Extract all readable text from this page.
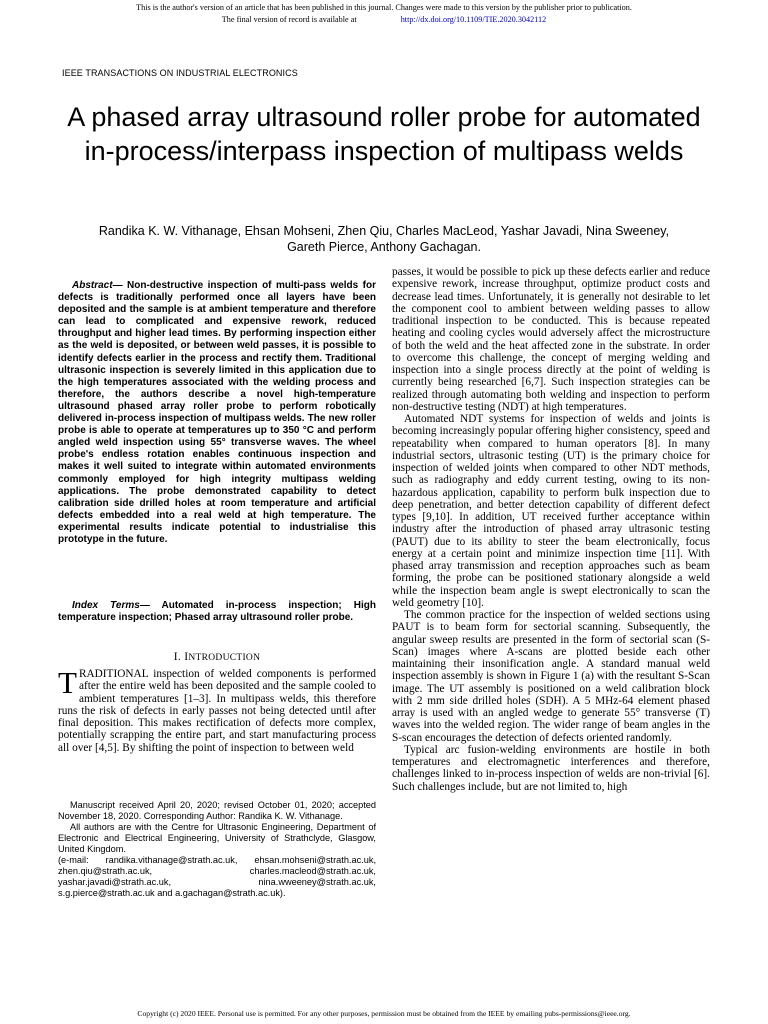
This is the author's version of an article that has been published in this journal. Changes were made to this version by the publisher prior to publication.
The final version of record is available at	http://dx.doi.org/10.1109/TIE.2020.3042112
IEEE TRANSACTIONS ON INDUSTRIAL ELECTRONICS
A phased array ultrasound roller probe for automated in-process/interpass inspection of multipass welds
Randika K. W. Vithanage, Ehsan Mohseni, Zhen Qiu, Charles MacLeod, Yashar Javadi, Nina Sweeney, Gareth Pierce, Anthony Gachagan.

Abstract— Non-destructive inspection of multi-pass welds for defects is traditionally performed once all layers have been deposited and the sample is at ambient temperature and therefore can lead to complicated and expensive rework, reduced throughput and higher lead times. By performing inspection either as the weld is deposited, or between weld passes, it is possible to identify defects earlier in the process and rectify them. Traditional ultrasonic inspection is severely limited in this application due to the high temperatures associated with the welding process and therefore, the authors describe a novel high-temperature ultrasound phased array roller probe to perform robotically delivered in-process inspection of multipass welds. The new roller probe is able to operate at temperatures up to 350 °C and perform angled weld inspection using 55° transverse waves. The wheel probe's endless rotation enables continuous inspection and makes it well suited to integrate within automated environments commonly employed for high integrity multipass welding applications. The probe demonstrated capability to detect calibration side drilled holes at room temperature and artificial defects embedded into a real weld at high temperature. The experimental results indicate potential to industrialise this prototype in the future.

Index Terms— Automated in-process inspection; High temperature inspection; Phased array ultrasound roller probe.

I. INTRODUCTION
TRADITIONAL inspection of welded components is performed after the entire weld has been deposited and the sample cooled to ambient temperatures [1–3]. In multipass welds, this therefore runs the risk of defects in early passes not being detected until after final deposition. This makes rectification of defects more complex, potentially scrapping the entire part, and start manufacturing process all over [4,5]. By shifting the point of inspection to between weld

Manuscript received April 20, 2020; revised October 01, 2020; accepted November 18, 2020. Corresponding Author: Randika K. W. Vithanage.

All authors are with the Centre for Ultrasonic Engineering, Department of Electronic and Electrical Engineering, University of Strathclyde, Glasgow, United Kingdom.

(e-mail: randika.vithanage@strath.ac.uk, ehsan.mohseni@strath.ac.uk, zhen.qiu@strath.ac.uk, charles.macleod@strath.ac.uk, yashar.javadi@strath.ac.uk, nina.wweeney@strath.ac.uk, s.g.pierce@strath.ac.uk and a.gachagan@strath.ac.uk).

passes, it would be possible to pick up these defects earlier and reduce expensive rework, increase throughput, optimize product costs and decrease lead times. Unfortunately, it is generally not desirable to let the component cool to ambient between welding passes to allow traditional inspection to be conducted. This is because repeated heating and cooling cycles would adversely affect the microstructure of both the weld and the heat affected zone in the substrate. In order to overcome this challenge, the concept of merging welding and inspection into a single process directly at the point of welding is currently being researched [6,7]. Such inspection strategies can be realized through automating both welding and inspection to perform non-destructive testing (NDT) at high temperatures.

Automated NDT systems for inspection of welds and joints is becoming increasingly popular offering higher consistency, speed and repeatability when compared to human operators [8]. In many industrial sectors, ultrasonic testing (UT) is the primary choice for inspection of welded joints when compared to other NDT methods, such as radiography and eddy current testing, owing to its non-hazardous application, capability to perform bulk inspection due to deep penetration, and better detection capability of different defect types [9,10]. In addition, UT received further acceptance within industry after the introduction of phased array ultrasonic testing (PAUT) due to its ability to steer the beam electronically, focus energy at a certain point and minimize inspection time [11]. With phased array transmission and reception approaches such as beam forming, the probe can be positioned stationary alongside a weld while the inspection beam angle is swept electronically to scan the weld geometry [10].

The common practice for the inspection of welded sections using PAUT is to beam form for sectorial scanning. Subsequently, the angular sweep results are presented in the form of sectorial scan (S-Scan) images where A-scans are plotted beside each other maintaining their insonification angle. A standard manual weld inspection assembly is shown in Figure 1 (a) with the resultant S-Scan image. The UT assembly is positioned on a weld calibration block with 2 mm side drilled holes (SDH). A 5 MHz-64 element phased array is used with an angled wedge to generate 55° transverse (T) waves into the welded region. The wider range of beam angles in the S-scan encourages the detection of defects oriented randomly.

Typical arc fusion-welding environments are hostile in both temperatures and electromagnetic interferences and therefore, challenges linked to in-process inspection of welds are non-trivial [6]. Such challenges include, but are not limited to, high

Copyright (c) 2020 IEEE. Personal use is permitted. For any other purposes, permission must be obtained from the IEEE by emailing pubs-permissions@ieee.org.
